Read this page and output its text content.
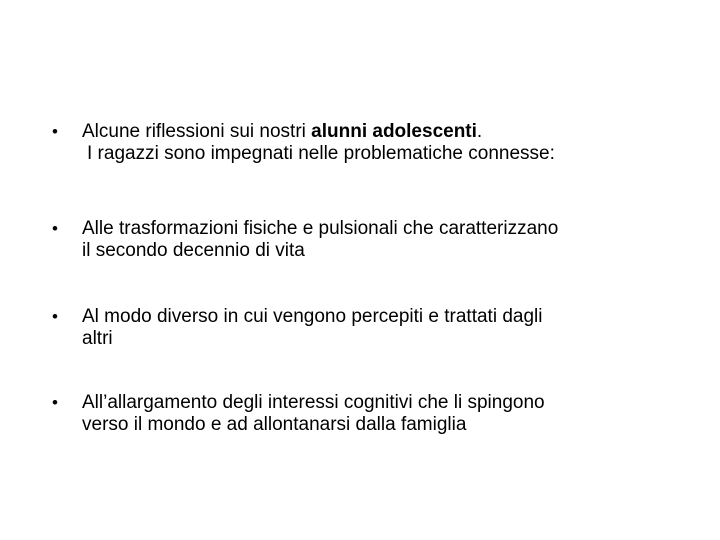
•	Alcune riflessioni sui nostri alunni adolescenti.
I ragazzi sono impegnati nelle problematiche connesse:
•	Alle trasformazioni fisiche e pulsionali che caratterizzano
il secondo decennio di vita
•	Al modo diverso in cui vengono percepiti e trattati dagli
altri
•	All’allargamento degli interessi cognitivi che li spingono
verso il mondo e ad allontanarsi dalla famiglia
